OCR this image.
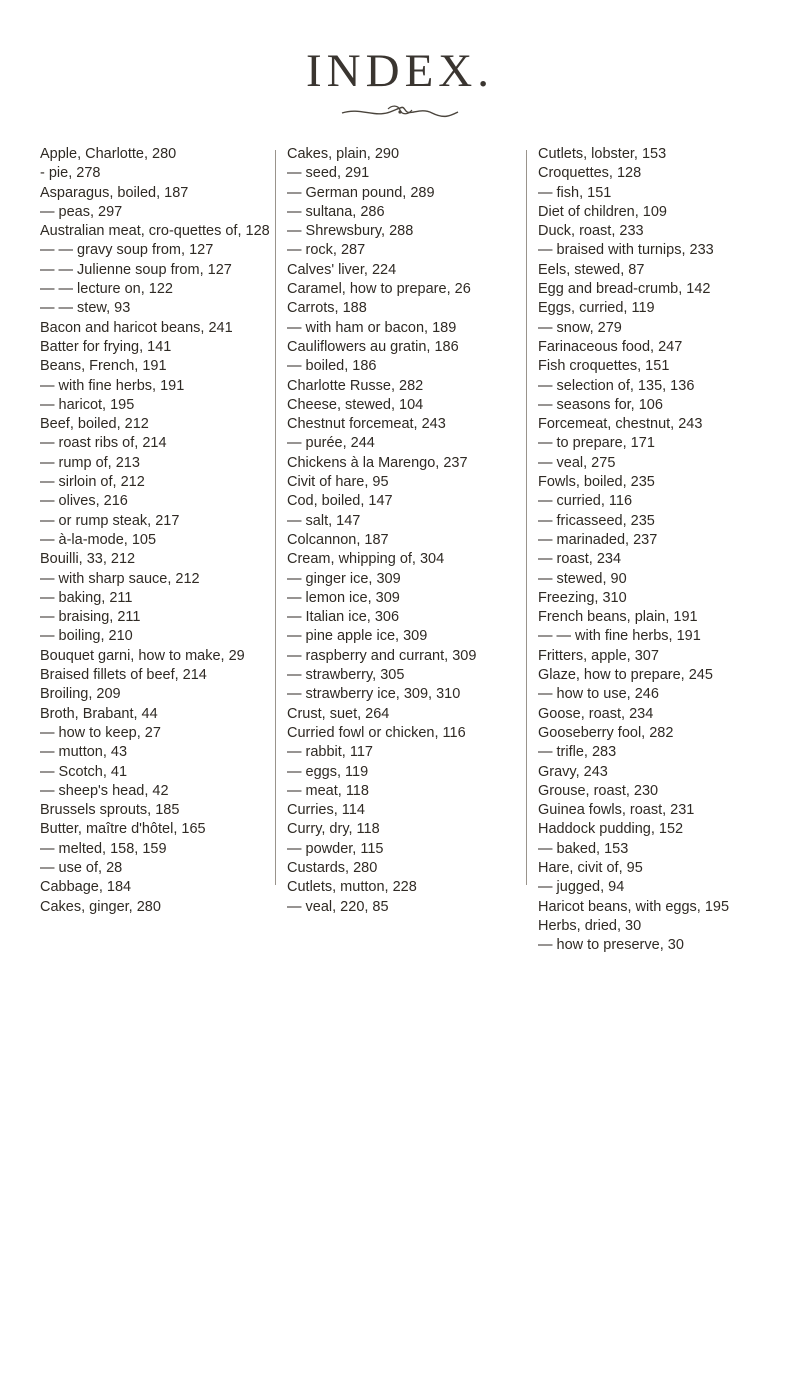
INDEX.

Apple, Charlotte, 280

- pie, 278

Asparagus, boiled, 187

— peas, 297

Australian meat, cro-quettes of, 128

— — gravy soup from, 127

— — Julienne soup from, 127

— — lecture on, 122

— — stew, 93

Bacon and haricot beans, 241

Batter for frying, 141

Beans, French, 191

— with fine herbs, 191

— haricot, 195

Beef, boiled, 212

— roast ribs of, 214

— rump of, 213

— sirloin of, 212

— olives, 216

— or rump steak, 217

— à-la-mode, 105

Bouilli, 33, 212

— with sharp sauce, 212

— baking, 211

— braising, 211

— boiling, 210

Bouquet garni, how to make, 29

Braised fillets of beef, 214

Broiling, 209

Broth, Brabant, 44

— how to keep, 27

— mutton, 43

— Scotch, 41

— sheep's head, 42

Brussels sprouts, 185

Butter, maître d'hôtel, 165

— melted, 158, 159

— use of, 28

Cabbage, 184

Cakes, ginger, 280

Cakes, plain, 290

— seed, 291

— German pound, 289

— sultana, 286

— Shrewsbury, 288

— rock, 287

Calves' liver, 224

Caramel, how to prepare, 26

Carrots, 188

— with ham or bacon, 189

Cauliflowers au gratin, 186

— boiled, 186

Charlotte Russe, 282

Cheese, stewed, 104

Chestnut forcemeat, 243

— purée, 244

Chickens à la Marengo, 237

Civit of hare, 95

Cod, boiled, 147

— salt, 147

Colcannon, 187

Cream, whipping of, 304

— ginger ice, 309

— lemon ice, 309

— Italian ice, 306

— pine apple ice, 309

— raspberry and currant, 309

— strawberry, 305

— strawberry ice, 309, 310

Crust, suet, 264

Curried fowl or chicken, 116

— rabbit, 117

— eggs, 119

— meat, 118

Curries, 114

Curry, dry, 118

— powder, 115

Custards, 280

Cutlets, mutton, 228

— veal, 220, 85

Cutlets, lobster, 153

Croquettes, 128

— fish, 151

Diet of children, 109

Duck, roast, 233

— braised with turnips, 233

Eels, stewed, 87

Egg and bread-crumb, 142

Eggs, curried, 119

— snow, 279

Farinaceous food, 247

Fish croquettes, 151

— selection of, 135, 136

— seasons for, 106

Forcemeat, chestnut, 243

— to prepare, 171

— veal, 275

Fowls, boiled, 235

— curried, 116

— fricasseed, 235

— marinaded, 237

— roast, 234

— stewed, 90

Freezing, 310

French beans, plain, 191

— — with fine herbs, 191

Fritters, apple, 307

Glaze, how to prepare, 245

— how to use, 246

Goose, roast, 234

Gooseberry fool, 282

— trifle, 283

Gravy, 243

Grouse, roast, 230

Guinea fowls, roast, 231

Haddock pudding, 152

— baked, 153

Hare, civit of, 95

— jugged, 94

Haricot beans, with eggs, 195

Herbs, dried, 30

— how to preserve, 30
